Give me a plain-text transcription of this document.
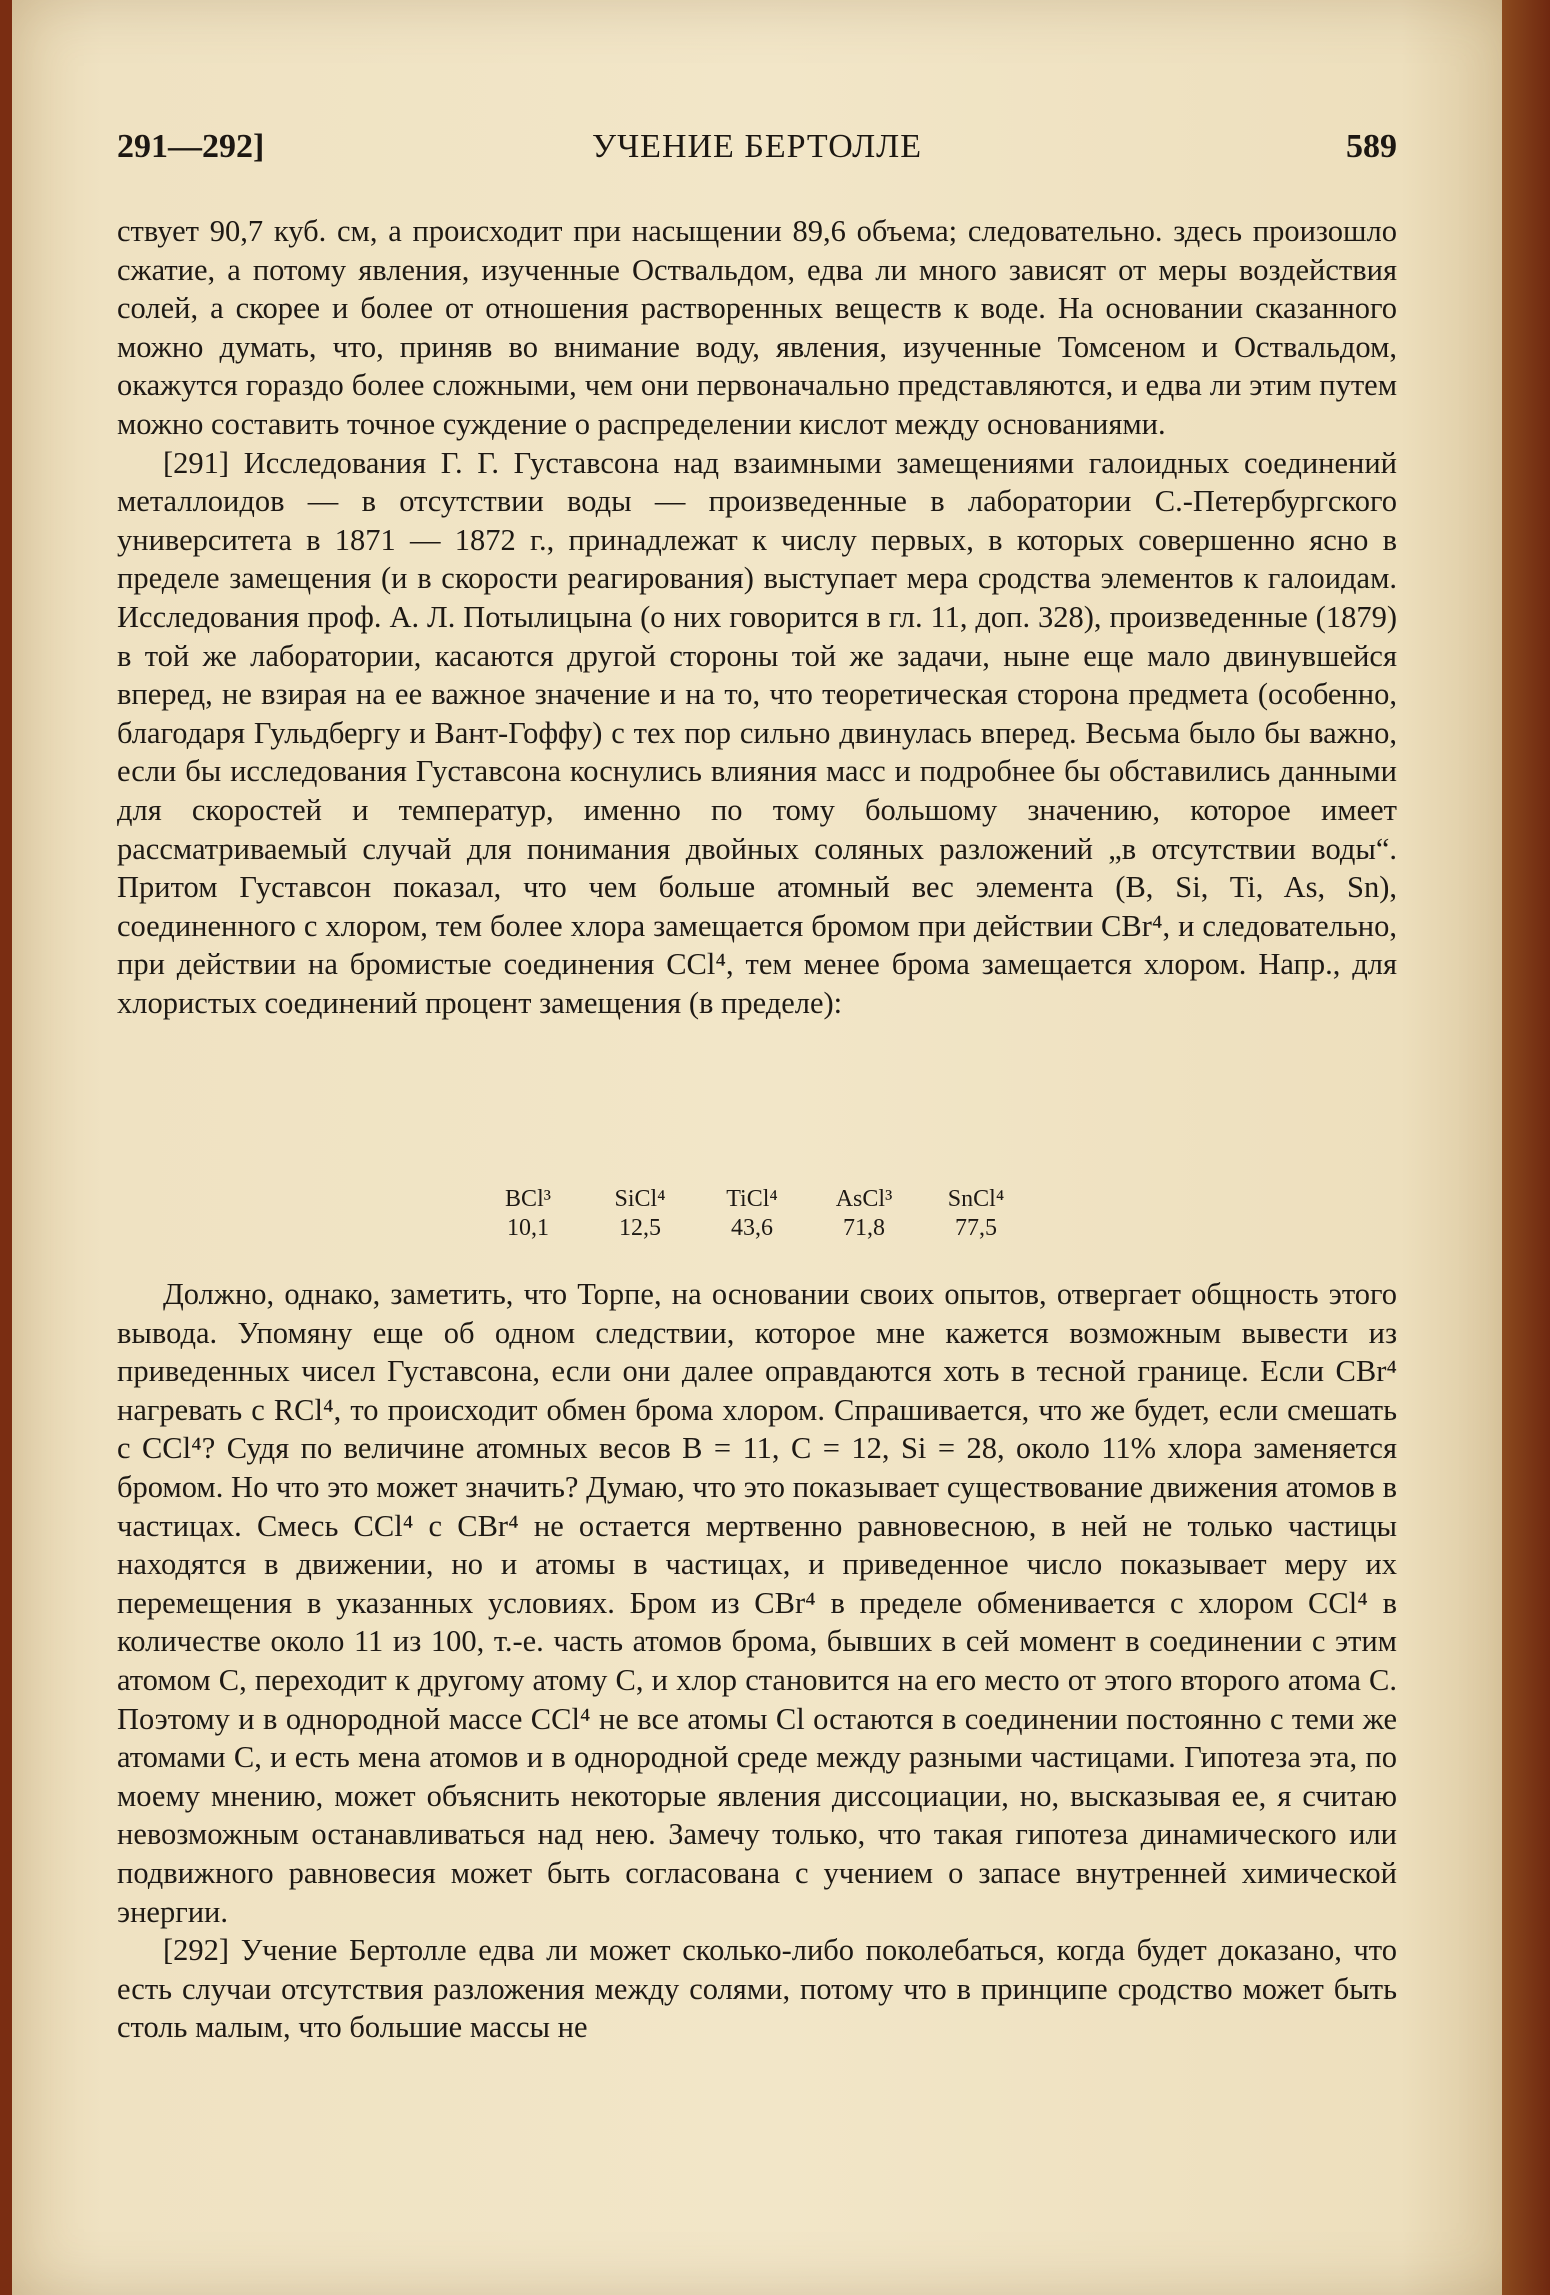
291—292]	УЧЕНИЕ БЕРТОЛЛЕ	589

ствует 90,7 куб. см, а происходит при насыщении 89,6 объема; следовательно. здесь произошло сжатие, а потому явления, изученные Оствальдом, едва ли много зависят от меры воздействия солей, а скорее и более от отношения растворенных веществ к воде. На основании сказанного можно думать, что, приняв во внимание воду, явления, изученные Томсеном и Оствальдом, окажутся гораздо более сложными, чем они первоначально представляются, и едва ли этим путем можно составить точное суждение о распределении кислот между основаниями.

[291] Исследования Г. Г. Густавсона над взаимными замещениями галоидных соединений металлоидов — в отсутствии воды — произведенные в лаборатории С.-Петербургского университета в 1871 — 1872 г., принадлежат к числу первых, в которых совершенно ясно в пределе замещения (и в скорости реагирования) выступает мера сродства элементов к галоидам. Исследования проф. А. Л. Потылицына (о них говорится в гл. 11, доп. 328), произведенные (1879) в той же лаборатории, касаются другой стороны той же задачи, ныне еще мало двинувшейся вперед, не взирая на ее важное значение и на то, что теоретическая сторона предмета (особенно, благодаря Гульдбергу и Вант-Гоффу) с тех пор сильно двинулась вперед. Весьма было бы важно, если бы исследования Густавсона коснулись влияния масс и подробнее бы обставились данными для скоростей и температур, именно по тому большому значению, которое имеет рассматриваемый случай для понимания двойных соляных разложений „в отсутствии воды“. Притом Густавсон показал, что чем больше атомный вес элемента (B, Si, Ti, As, Sn), соединенного с хлором, тем более хлора замещается бромом при действии CBr⁴, и следовательно, при действии на бромистые соединения CCl⁴, тем менее брома замещается хлором. Напр., для хлористых соединений процент замещения (в пределе):

BCl³	SiCl⁴	TiCl⁴	AsCl³	SnCl⁴
10,1	12,5	43,6	71,8	77,5

Должно, однако, заметить, что Торпе, на основании своих опытов, отвергает общность этого вывода. Упомяну еще об одном следствии, которое мне кажется возможным вывести из приведенных чисел Густавсона, если они далее оправдаются хоть в тесной границе. Если CBr⁴ нагревать с RCl⁴, то происходит обмен брома хлором. Спрашивается, что же будет, если смешать с CCl⁴? Судя по величине атомных весов B = 11, C = 12, Si = 28, около 11% хлора заменяется бромом. Но что это может значить? Думаю, что это показывает существование движения атомов в частицах. Смесь CCl⁴ с CBr⁴ не остается мертвенно равновесною, в ней не только частицы находятся в движении, но и атомы в частицах, и приведенное число показывает меру их перемещения в указанных условиях. Бром из CBr⁴ в пределе обменивается с хлором CCl⁴ в количестве около 11 из 100, т.-е. часть атомов брома, бывших в сей момент в соединении с этим атомом C, переходит к другому атому C, и хлор становится на его место от этого второго атома C. Поэтому и в однородной массе CCl⁴ не все атомы Cl остаются в соединении постоянно с теми же атомами C, и есть мена атомов и в однородной среде между разными частицами. Гипотеза эта, по моему мнению, может объяснить некоторые явления диссоциации, но, высказывая ее, я считаю невозможным останавливаться над нею. Замечу только, что такая гипотеза динамического или подвижного равновесия может быть согласована с учением о запасе внутренней химической энергии.

[292] Учение Бертолле едва ли может сколько-либо поколебаться, когда будет доказано, что есть случаи отсутствия разложения между солями, потому что в принципе сродство может быть столь малым, что большие массы не
